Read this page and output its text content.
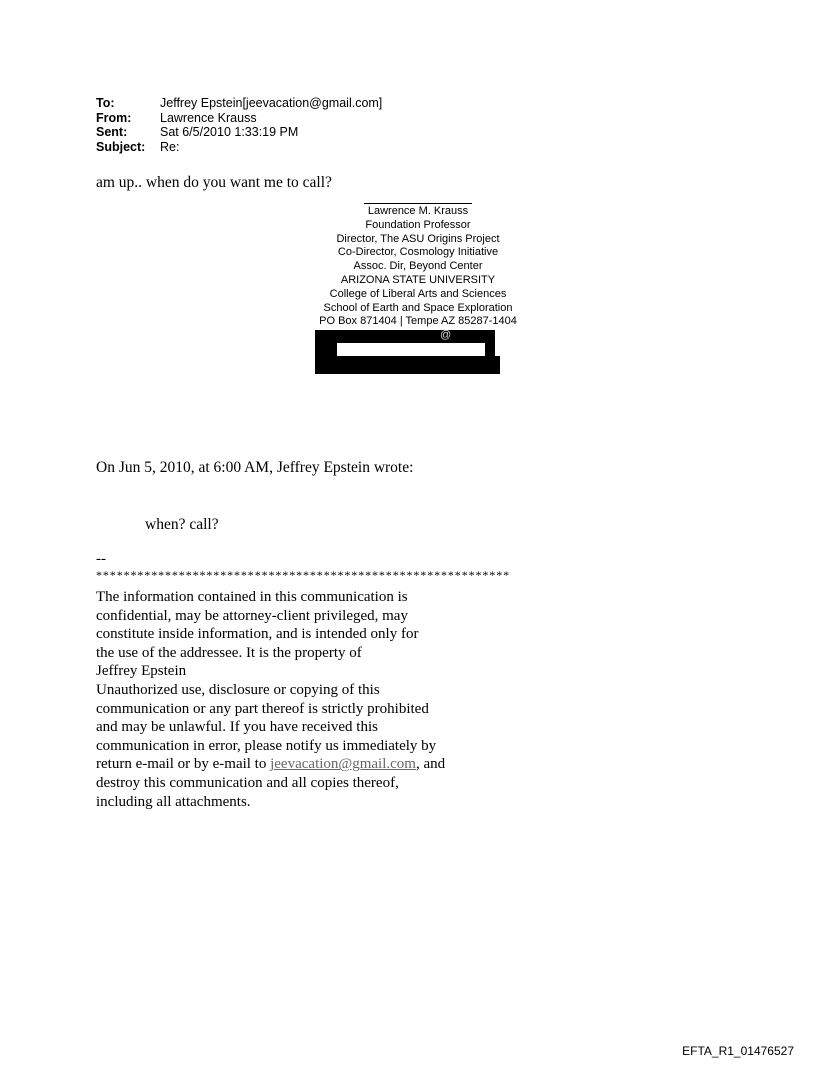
To:	Jeffrey Epstein[jeevacation@gmail.com]
From:	Lawrence Krauss
Sent:	Sat 6/5/2010 1:33:19 PM
Subject:	Re:
am up.. when do you want me to call?
Lawrence M. Krauss
Foundation Professor
Director, The ASU Origins Project
Co-Director, Cosmology Initiative
Assoc. Dir, Beyond Center
ARIZONA STATE UNIVERSITY
College of Liberal Arts and Sciences
School of Earth and Space Exploration
PO Box 871404 | Tempe AZ 85287-1404
@
On Jun 5, 2010, at 6:00 AM, Jeffrey Epstein wrote:
when? call?
--
************************************************************
The information contained in this communication is
confidential, may be attorney-client privileged, may
constitute inside information, and is intended only for
the use of the addressee. It is the property of
Jeffrey Epstein
Unauthorized use, disclosure or copying of this
communication or any part thereof is strictly prohibited
and may be unlawful. If you have received this
communication in error, please notify us immediately by
return e-mail or by e-mail to jeevacation@gmail.com, and
destroy this communication and all copies thereof,
including all attachments.
EFTA_R1_01476527
